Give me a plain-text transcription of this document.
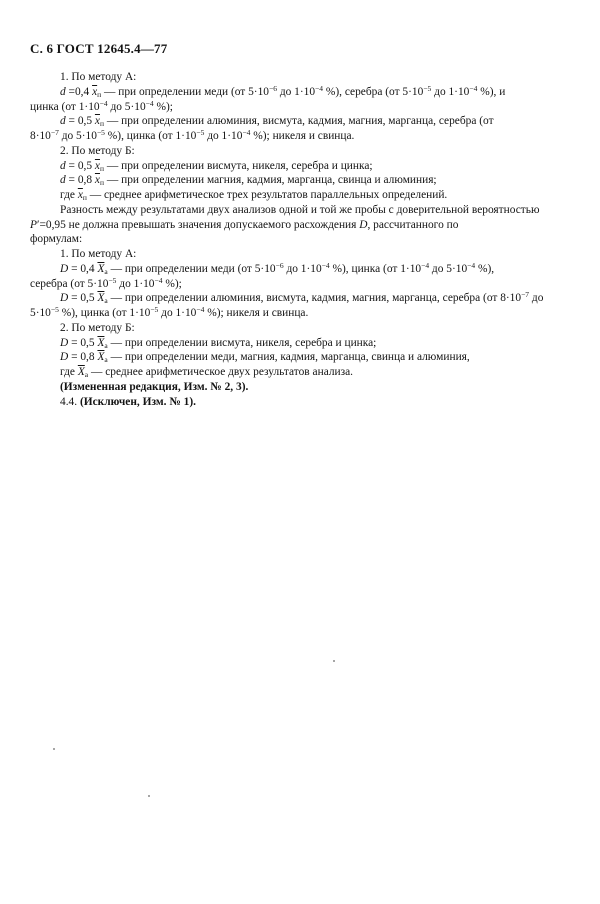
С. 6 ГОСТ 12645.4—77
1. По методу А:
d =0,4 $\overline{x}_п$ — при определении меди (от $5\cdot 10^{-6}$ до $1\cdot 10^{-4}$ %), серебра (от $5\cdot 10^{-5}$ до $1\cdot 10^{-4}$ %), и
цинка (от $1\cdot 10^{-4}$ до $5\cdot 10^{-4}$ %);
d = 0,5 $\overline{x}_п$ — при определении алюминия, висмута, кадмия, магния, марганца, серебра (от
$8\cdot 10^{-7}$ до $5\cdot 10^{-5}$ %), цинка (от $1\cdot 10^{-5}$ до $1\cdot 10^{-4}$ %); никеля и свинца.
2. По методу Б:
d = 0,5 $\overline{x}_п$ — при определении висмута, никеля, серебра и цинка;
d = 0,8 $\overline{x}_п$ — при определении магния, кадмия, марганца, свинца и алюминия;
где $\overline{x}_п$ — среднее арифметическое трех результатов параллельных определений.
Разность между результатами двух анализов одной и той же пробы с доверительной вероятностью
P′=0,95 не должна превышать значения допускаемого расхождения D, рассчитанного по
формулам:
1. По методу А:
D = 0,4 $\overline{X}_а$ — при определении меди (от $5\cdot 10^{-6}$ до $1\cdot 10^{-4}$ %), цинка (от $1\cdot 10^{-4}$ до $5\cdot 10^{-4}$ %),
серебра (от $5\cdot 10^{-5}$ до $1\cdot 10^{-4}$ %);
D = 0,5 $\overline{X}_а$ — при определении алюминия, висмута, кадмия, магния, марганца, серебра (от $8\cdot 10^{-7}$ до
$5\cdot 10^{-5}$ %), цинка (от $1\cdot 10^{-5}$ до $1\cdot 10^{-4}$ %); никеля и свинца.
2. По методу Б:
D = 0,5 $\overline{X}_а$ — при определении висмута, никеля, серебра и цинка;
D = 0,8 $\overline{X}_а$ — при определении меди, магния, кадмия, марганца, свинца и алюминия,
где $\overline{X}_а$ — среднее арифметическое двух результатов анализа.
(Измененная редакция, Изм. № 2, 3).
4.4. (Исключен, Изм. № 1).
